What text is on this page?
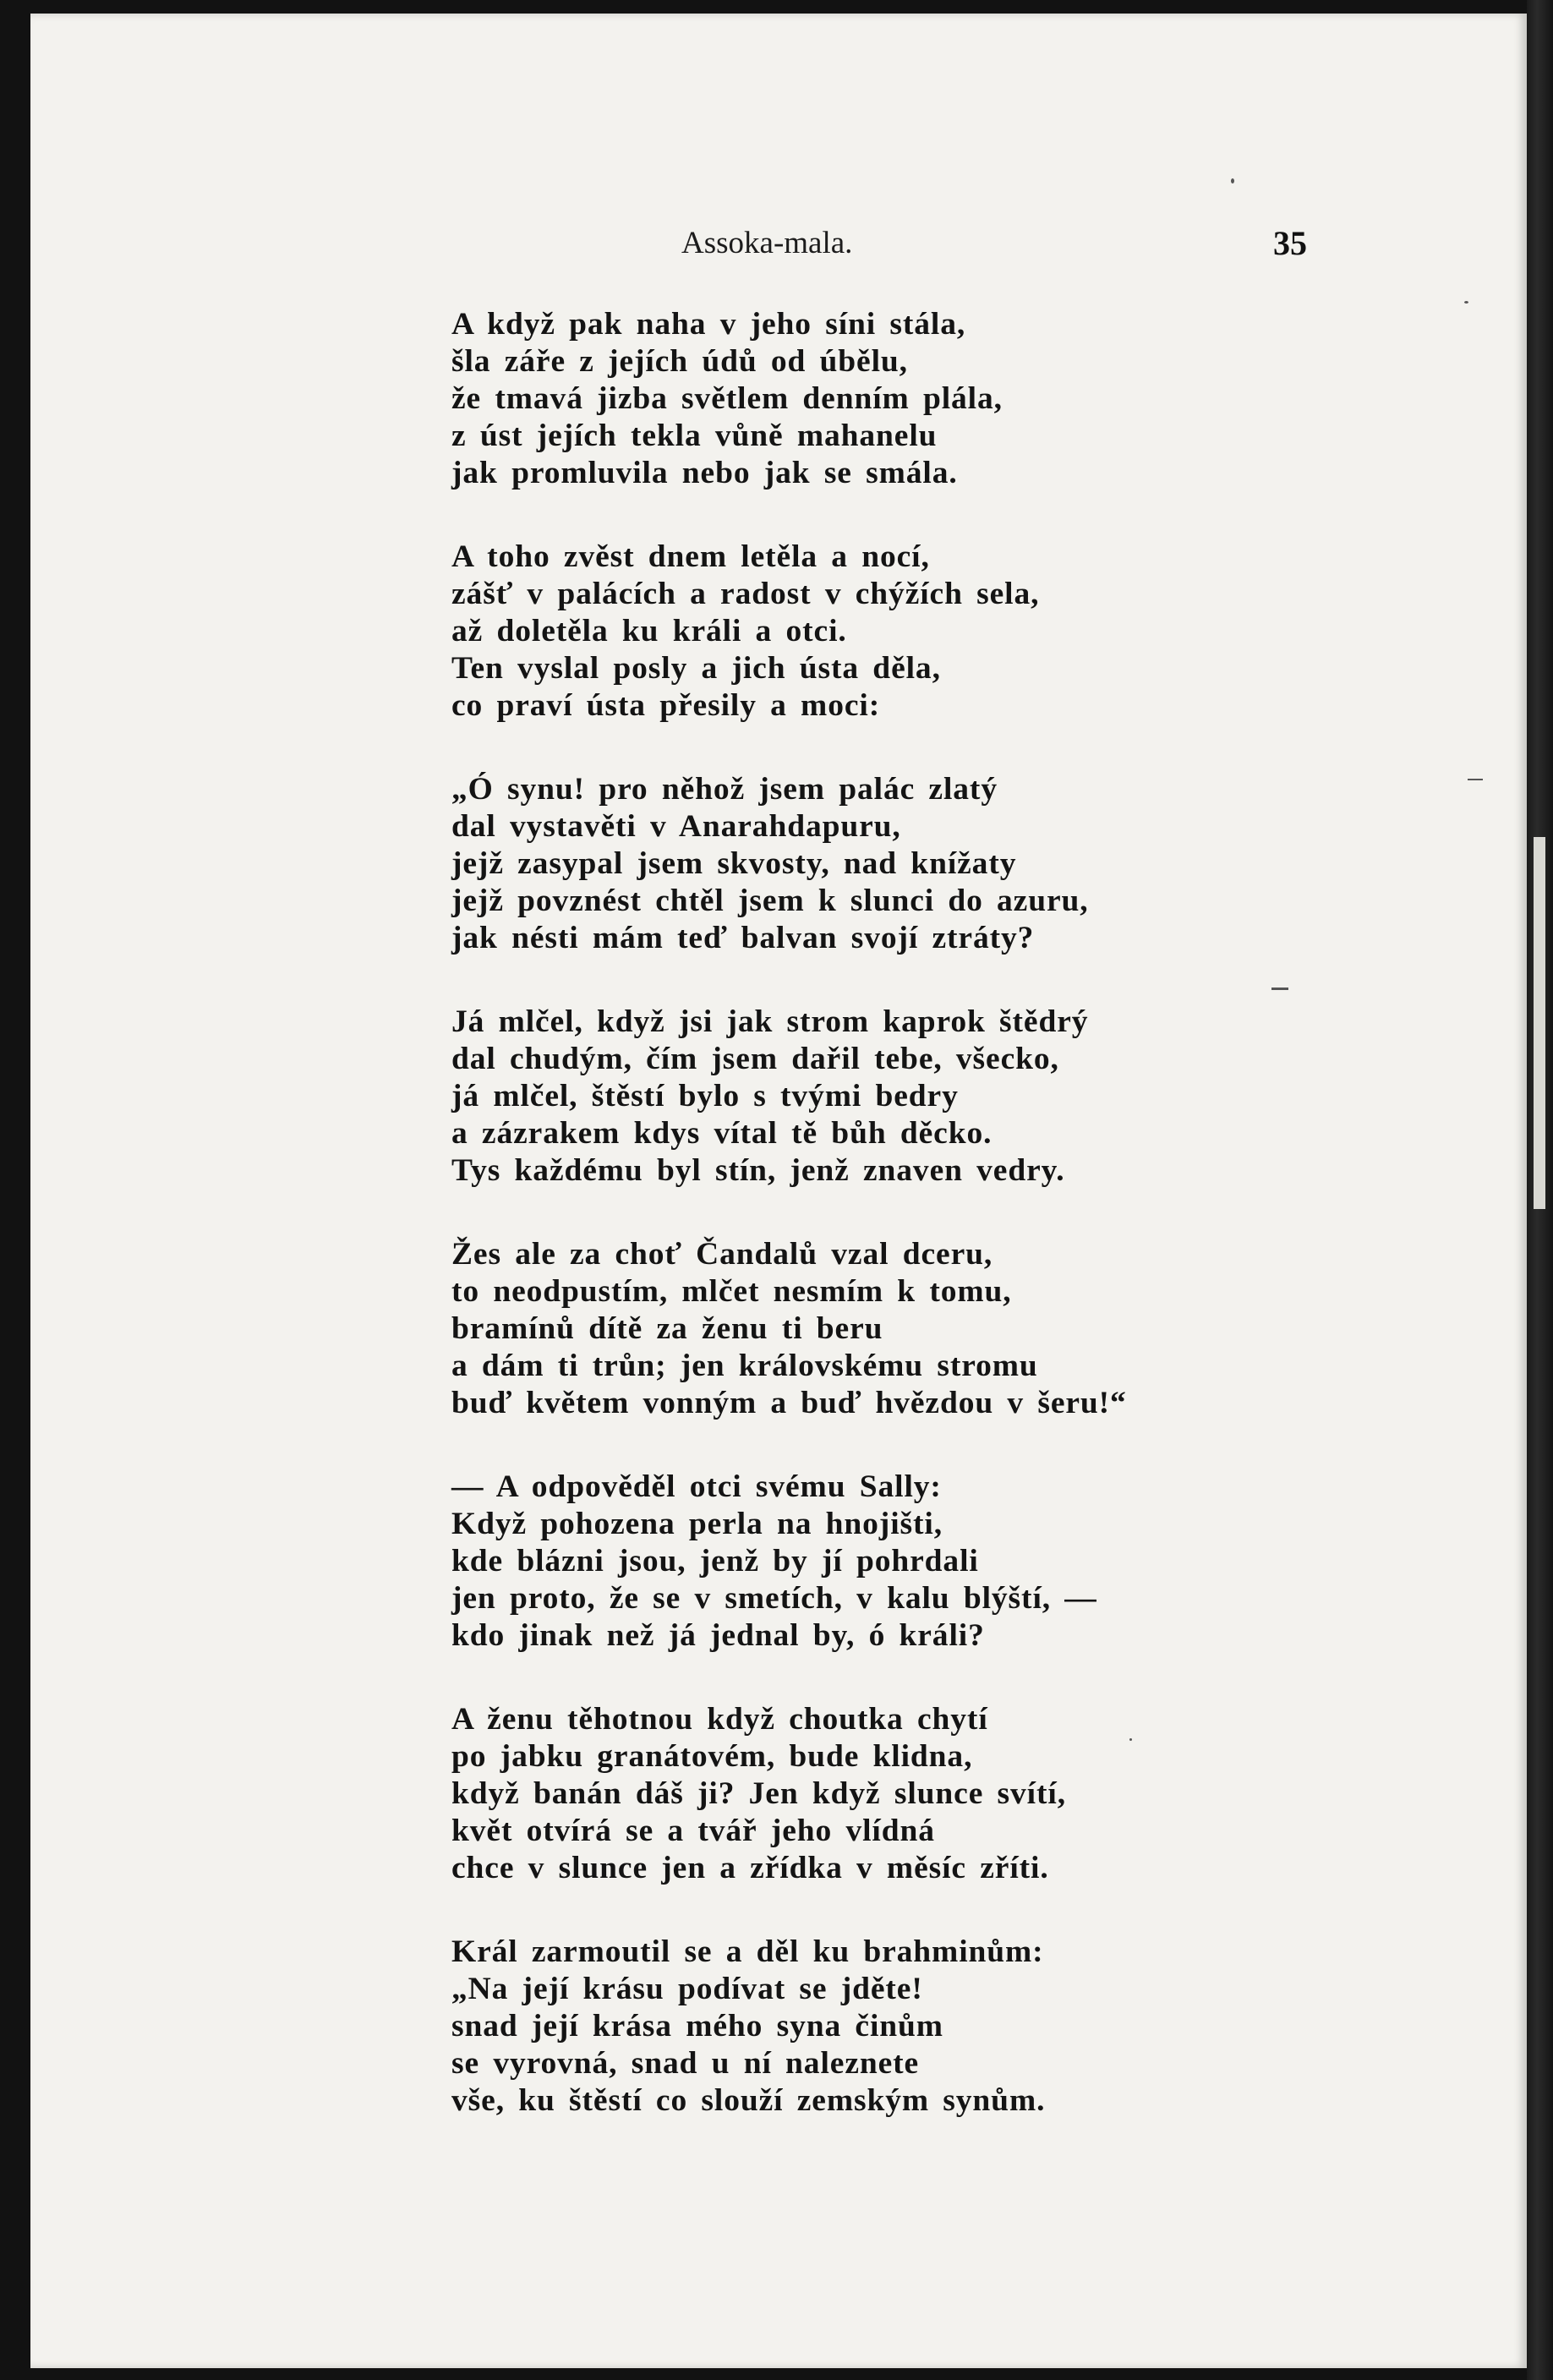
Assoka-mala.	35
A když pak naha v jeho síni stála,
šla záře z jejích údů od úbělu,
že tmavá jizba světlem denním plála,
z úst jejích tekla vůně mahanelu
jak promluvila nebo jak se smála.
A toho zvěst dnem letěla a nocí,
zášť v palácích a radost v chýžích sela,
až doletěla ku králi a otci.
Ten vyslal posly a jich ústa děla,
co praví ústa přesily a moci:
„Ó synu! pro něhož jsem palác zlatý
dal vystavěti v Anarahdapuru,
jejž zasypal jsem skvosty, nad knížaty
jejž povznést chtěl jsem k slunci do azuru,
jak nésti mám teď balvan svojí ztráty?
Já mlčel, když jsi jak strom kaprok štědrý
dal chudým, čím jsem dařil tebe, všecko,
já mlčel, štěstí bylo s tvými bedry
a zázrakem kdys vítal tě bůh děcko.
Tys každému byl stín, jenž znaven vedry.
Žes ale za choť Čandalů vzal dceru,
to neodpustím, mlčet nesmím k tomu,
bramínů dítě za ženu ti beru
a dám ti trůn; jen královskému stromu
buď květem vonným a buď hvězdou v šeru!“
— A odpověděl otci svému Sally:
Když pohozena perla na hnojišti,
kde blázni jsou, jenž by jí pohrdali
jen proto, že se v smetích, v kalu blýští, —
kdo jinak než já jednal by, ó králi?
A ženu těhotnou když choutka chytí
po jabku granátovém, bude klidna,
když banán dáš ji? Jen když slunce svítí,
květ otvírá se a tvář jeho vlídná
chce v slunce jen a zřídka v měsíc zříti.
Král zarmoutil se a děl ku brahminům:
„Na její krásu podívat se jděte!
snad její krása mého syna činům
se vyrovná, snad u ní naleznete
vše, ku štěstí co slouží zemským synům.
